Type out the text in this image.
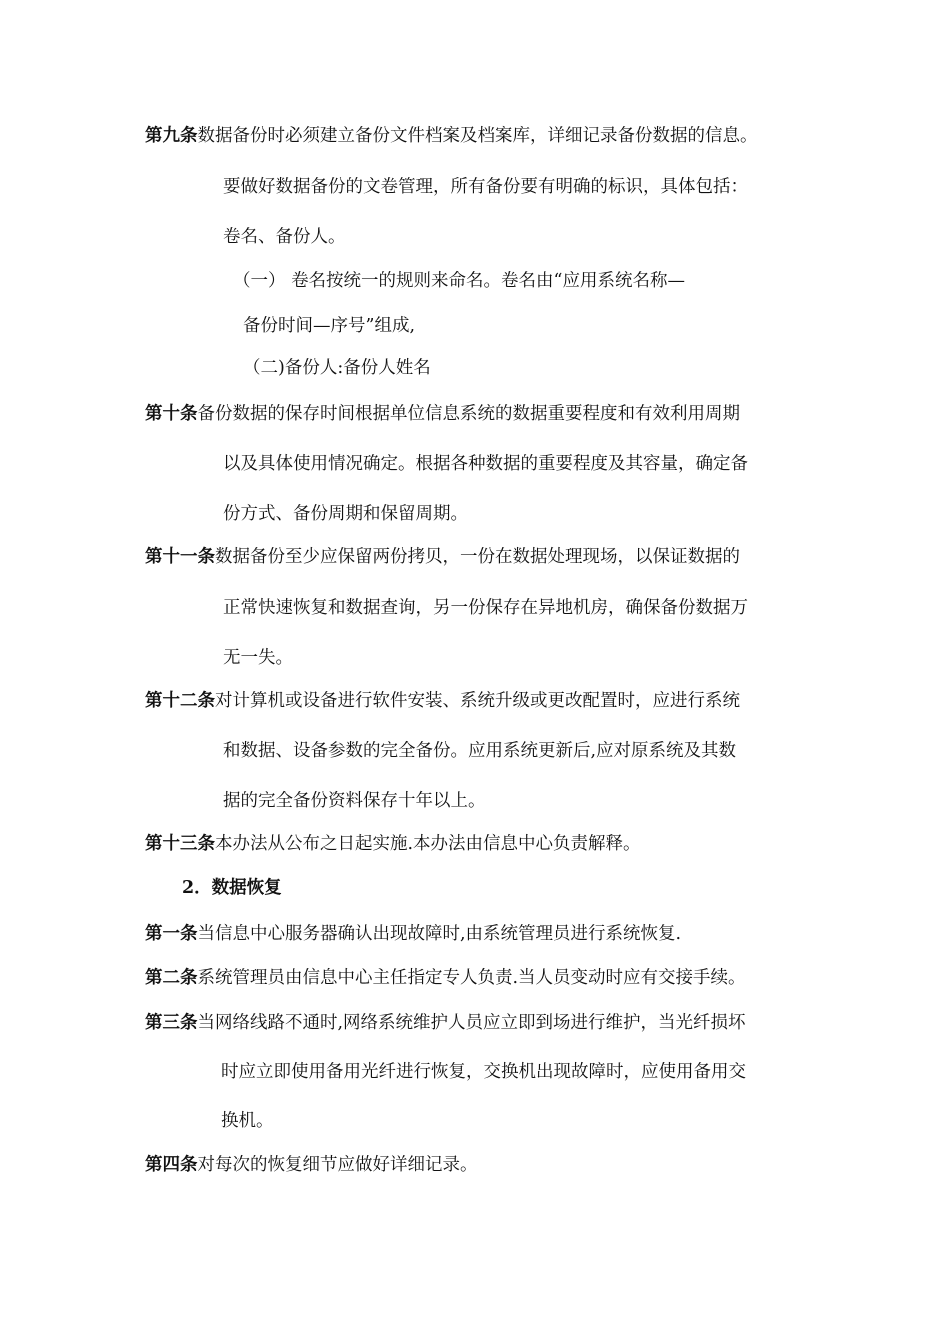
第九条数据备份时必须建立备份文件档案及档案库，详细记录备份数据的信息。
要做好数据备份的文卷管理，所有备份要有明确的标识，具体包括：
卷名、备份人。
（一） 卷名按统一的规则来命名。卷名由“应用系统名称—
备份时间—序号”组成,
（二)备份人:备份人姓名
第十条备份数据的保存时间根据单位信息系统的数据重要程度和有效利用周期
以及具体使用情况确定。根据各种数据的重要程度及其容量，确定备
份方式、备份周期和保留周期。
第十一条数据备份至少应保留两份拷贝，一份在数据处理现场，以保证数据的
正常快速恢复和数据查询，另一份保存在异地机房，确保备份数据万
无一失。
第十二条对计算机或设备进行软件安装、系统升级或更改配置时，应进行系统
和数据、设备参数的完全备份。应用系统更新后,应对原系统及其数
据的完全备份资料保存十年以上。
第十三条本办法从公布之日起实施.本办法由信息中心负责解释。
2．数据恢复
第一条当信息中心服务器确认出现故障时,由系统管理员进行系统恢复.
第二条系统管理员由信息中心主任指定专人负责.当人员变动时应有交接手续。
第三条当网络线路不通时,网络系统维护人员应立即到场进行维护，当光纤损坏
时应立即使用备用光纤进行恢复，交换机出现故障时，应使用备用交
换机。
第四条对每次的恢复细节应做好详细记录。
